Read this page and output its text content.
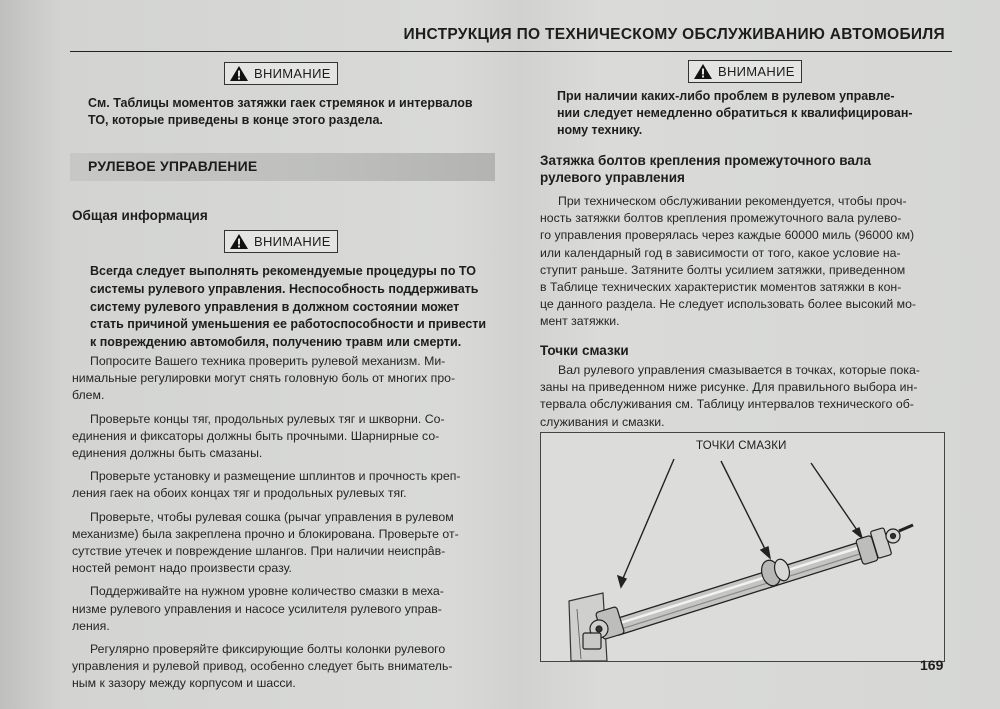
ИНСТРУКЦИЯ ПО ТЕХНИЧЕСКОМУ ОБСЛУЖИВАНИЮ АВТОМОБИЛЯ
ВНИМАНИЕ
См. Таблицы моментов затяжки гаек стремянок и интервалов
ТО, которые приведены в конце этого раздела.
РУЛЕВОЕ УПРАВЛЕНИЕ
Общая информация
ВНИМАНИЕ
Всегда следует выполнять рекомендуемые процедуры по ТО
системы рулевого управления. Неспособность поддерживать
систему рулевого управления в должном состоянии может
стать причиной уменьшения ее работоспособности и привести
к повреждению автомобиля, получению травм или смерти.

Попросите Вашего техника проверить рулевой механизм. Ми-
нимальные регулировки могут снять головную боль от многих про-
блем.

Проверьте концы тяг, продольных рулевых тяг и шкворни. Со-
единения и фиксаторы должны быть прочными. Шарнирные со-
единения должны быть смазаны.

Проверьте установку и размещение шплинтов и прочность креп-
ления гаек на обоих концах тяг и продольных рулевых тяг.

Проверьте, чтобы рулевая сошка (рычаг управления в рулевом
механизме) была закреплена прочно и блокирована. Проверьте от-
сутствие утечек и повреждение шлангов. При наличии неиспрâв-
ностей ремонт надо произвести сразу.

Поддерживайте на нужном уровне количество смазки в меха-
низме рулевого управления и насосе усилителя рулевого управ-
ления.

Регулярно проверяйте фиксирующие болты колонки рулевого
управления и рулевой привод, особенно следует быть вниматель-
ным к зазору между корпусом и шасси.

ВНИМАНИЕ
При наличии каких-либо проблем в рулевом управле-
нии следует немедленно обратиться к квалифицирован-
ному технику.
Затяжка болтов крепления промежуточного вала
рулевого управления

При техническом обслуживании рекомендуется, чтобы проч-
ность затяжки болтов крепления промежуточного вала рулево-
го управления проверялась через каждые 60000 миль (96000 км)
или календарный год в зависимости от того, какое условие на-
ступит раньше. Затяните болты усилием затяжки, приведенном
в Таблице технических характеристик моментов затяжки в кон-
це данного раздела. Не следует использовать более высокий мо-
мент затяжки.

Точки смазки

Вал рулевого управления смазывается в точках, которые пока-
заны на приведенном ниже рисунке. Для правильного выбора ин-
тервала обслуживания см. Таблицу интервалов технического об-
служивания и смазки.

ТОЧКИ СМАЗКИ
169
